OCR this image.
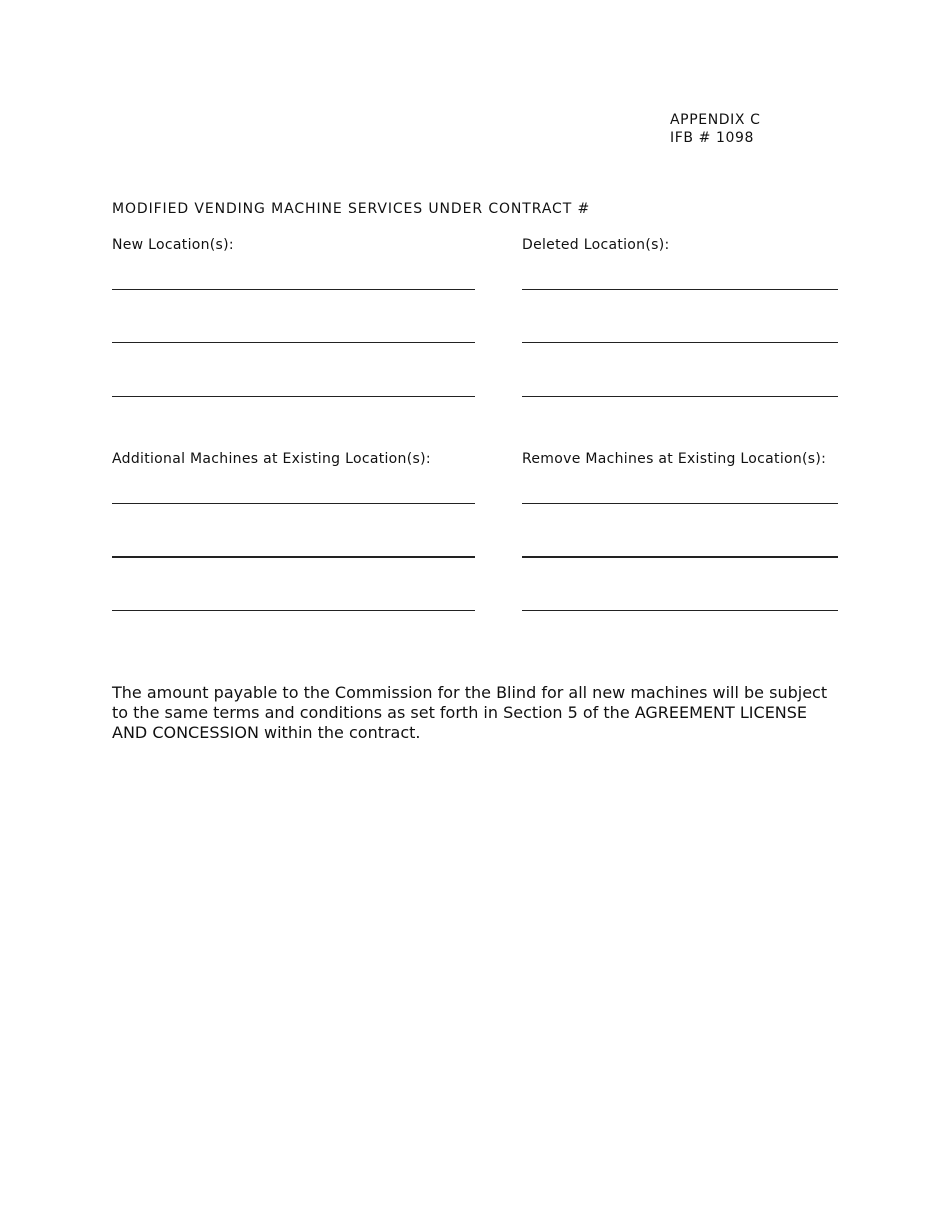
APPENDIX C
IFB # 1098
MODIFIED VENDING MACHINE SERVICES UNDER CONTRACT #
New Location(s):	Deleted Location(s):
Additional Machines at Existing Location(s):	Remove Machines at Existing Location(s):
The amount payable to the Commission for the Blind for all new machines will be subject to the same terms and conditions as set forth in Section 5 of the AGREEMENT LICENSE AND CONCESSION within the contract.
